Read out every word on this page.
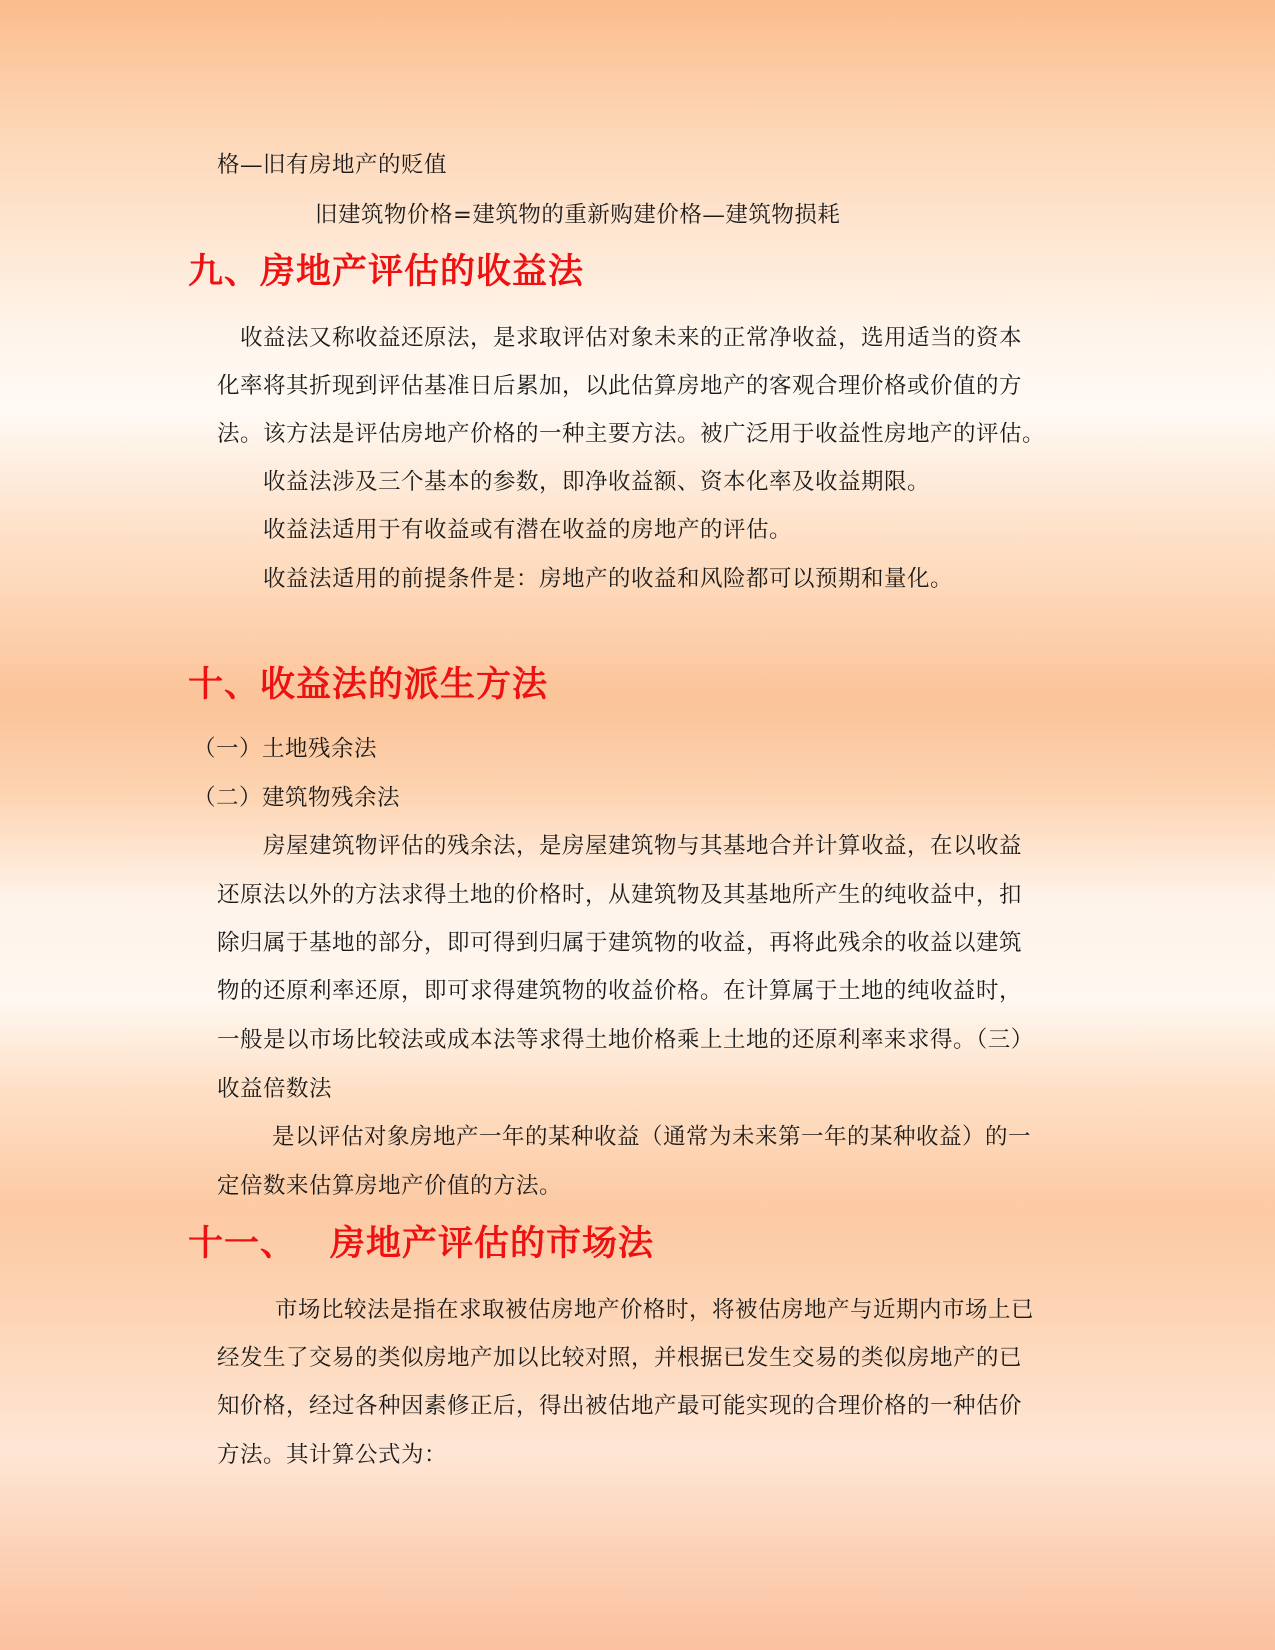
格—旧有房地产的贬值
旧建筑物价格=建筑物的重新购建价格—建筑物损耗
九、房地产评估的收益法
收益法又称收益还原法，是求取评估对象未来的正常净收益，选用适当的资本
化率将其折现到评估基准日后累加，以此估算房地产的客观合理价格或价值的方
法。该方法是评估房地产价格的一种主要方法。被广泛用于收益性房地产的评估。
收益法涉及三个基本的参数，即净收益额、资本化率及收益期限。
收益法适用于有收益或有潜在收益的房地产的评估。
收益法适用的前提条件是：房地产的收益和风险都可以预期和量化。
十、收益法的派生方法
（一）土地残余法
（二）建筑物残余法
房屋建筑物评估的残余法，是房屋建筑物与其基地合并计算收益，在以收益
还原法以外的方法求得土地的价格时，从建筑物及其基地所产生的纯收益中，扣
除归属于基地的部分，即可得到归属于建筑物的收益，再将此残余的收益以建筑
物的还原利率还原，即可求得建筑物的收益价格。在计算属于土地的纯收益时，
一般是以市场比较法或成本法等求得土地价格乘上土地的还原利率来求得。（三）
收益倍数法
是以评估对象房地产一年的某种收益（通常为未来第一年的某种收益）的一
定倍数来估算房地产价值的方法。
十一、 房地产评估的市场法
市场比较法是指在求取被估房地产价格时，将被估房地产与近期内市场上已
经发生了交易的类似房地产加以比较对照，并根据已发生交易的类似房地产的已
知价格，经过各种因素修正后，得出被估地产最可能实现的合理价格的一种估价
方法。其计算公式为：
